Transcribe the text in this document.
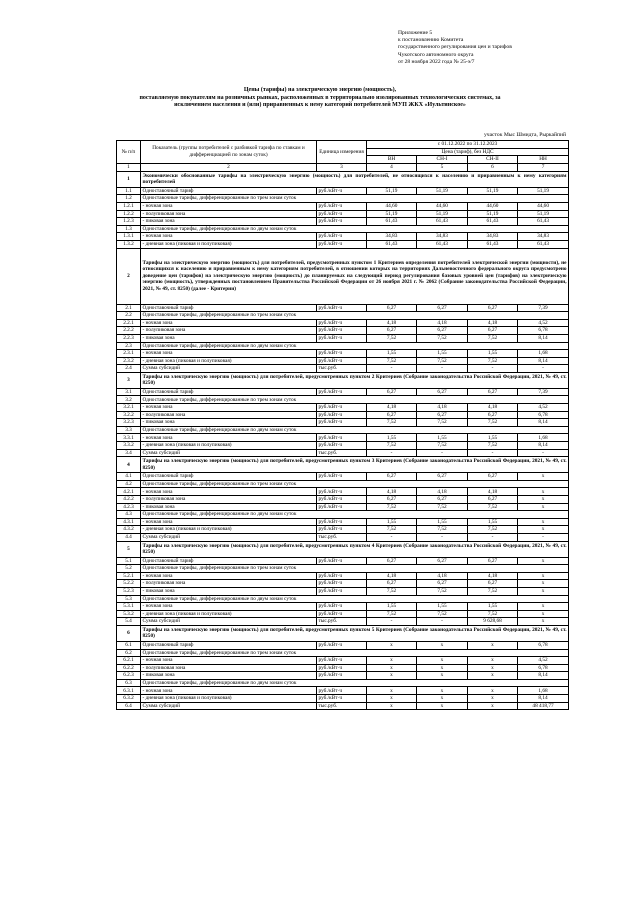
Приложение 5
к постановлению Комитета
государственного регулирования цен и тарифов
Чукотского автономного округа
от 28 ноября 2022 года № 25-э/7
Цены (тарифы) на электрическую энергию (мощность),
поставляемую покупателям на розничных рынках, расположенных в территориально изолированных технологических системах, за
исключением населения и (или) приравненных к нему категорий потребителей МУП ЖКХ «Иультинское»
участок Мыс Шмидта, Рыркайпий
№ п/п	Показатель (группы потребителей с разбивкой тарифа по ставкам и дифференциацией по зонам суток)	Единица измерения	с 01.12.2022 по 31.12.2023			
			Цена (тариф), без НДС			
			ВН	СН-I	СН-II	НН
1	2	3	4	5	6	7
1	Экономически обоснованные тарифы на электрическую энергию (мощность) для потребителей, не относящихся к населению и приравненным к нему категориям потребителей					
1.1	Одноставочный тариф	руб./кВт·ч	51,19	51,19	51,19	51,19
1.2	Одноставочные тарифы, дифференцированные по трем зонам суток					
1.2.1	- ночная зона	руб./кВт·ч	44,60	44,60	44,60	44,60
1.2.2	- полупиковая зона	руб./кВт·ч	51,19	51,19	51,19	51,19
1.2.3	- пиковая зона	руб./кВт·ч	61,43	61,43	61,43	61,43
1.3	Одноставочные тарифы, дифференцированные по двум зонам суток					
1.3.1	- ночная зона	руб./кВт·ч	34,83	34,83	34,83	34,83
1.3.2	- дневная зона (пиковая и полупиковая)	руб./кВт·ч	61,43	61,43	61,43	61,43
2	Тарифы на электрическую энергию (мощность) для потребителей, предусмотренных пунктом 1 Критериев определения потребителей электрической энергии (мощности), не относящихся к населению и приравненным к нему категориям потребителей, в отношении которых на территориях Дальневосточного федерального округа предусмотрено доведение цен (тарифов) на электрическую энергию (мощность) до планируемых на следующий период регулирования базовых уровней цен (тарифов) на электрическую энергию (мощность), утвержденных постановлением Правительства Российской Федерации от 26 ноября 2021 г. № 2062 (Собрание законодательства Российской Федерации, 2021, № 49, ст. 8250) (далее - Критерии)					
2.1	Одноставочный тариф	руб./кВт·ч	6,27	6,27	6,27	7,39
2.2	Одноставочные тарифы, дифференцированные по трем зонам суток					
2.2.1	- ночная зона	руб./кВт·ч	4,18	4,18	4,18	4,52
2.2.2	- полупиковая зона	руб./кВт·ч	6,27	6,27	6,27	6,78
2.2.3	- пиковая зона	руб./кВт·ч	7,52	7,52	7,52	8,14
2.3	Одноставочные тарифы, дифференцированные по двум зонам суток					
2.3.1	- ночная зона	руб./кВт·ч	1,55	1,55	1,55	1,68
2.3.2	- дневная зона (пиковая и полупиковая)	руб./кВт·ч	7,52	7,52	7,52	8,14
2.4	Сумма субсидий	тыс.руб.	-	-	-	-
3	Тарифы на электрическую энергию (мощность) для потребителей, предусмотренных пунктом 2 Критериев (Собрание законодательства Российской Федерации, 2021, № 49, ст. 8250)					
3.1	Одноставочный тариф	руб./кВт·ч	6,27	6,27	6,27	7,39
3.2	Одноставочные тарифы, дифференцированные по трем зонам суток					
3.2.1	- ночная зона	руб./кВт·ч	4,18	4,18	4,18	4,52
3.2.2	- полупиковая зона	руб./кВт·ч	6,27	6,27	6,27	6,78
3.2.3	- пиковая зона	руб./кВт·ч	7,52	7,52	7,52	8,14
3.3	Одноставочные тарифы, дифференцированные по двум зонам суток					
3.3.1	- ночная зона	руб./кВт·ч	1,55	1,55	1,55	1,68
3.3.2	- дневная зона (пиковая и полупиковая)	руб./кВт·ч	7,52	7,52	7,52	8,14
3.4	Сумма субсидий	тыс.руб.	-	-	-	-
4	Тарифы на электрическую энергию (мощность) для потребителей, предусмотренных пунктом 3 Критериев (Собрание законодательства Российской Федерации, 2021, № 49, ст. 8250)					
4.1	Одноставочный тариф	руб./кВт·ч	6,27	6,27	6,27	x
4.2	Одноставочные тарифы, дифференцированные по трем зонам суток					
4.2.1	- ночная зона	руб./кВт·ч	4,18	4,18	4,18	x
4.2.2	- полупиковая зона	руб./кВт·ч	6,27	6,27	6,27	x
4.2.3	- пиковая зона	руб./кВт·ч	7,52	7,52	7,52	x
4.3	Одноставочные тарифы, дифференцированные по двум зонам суток					
4.3.1	- ночная зона	руб./кВт·ч	1,55	1,55	1,55	x
4.3.2	- дневная зона (пиковая и полупиковая)	руб./кВт·ч	7,52	7,52	7,52	x
4.4	Сумма субсидий	тыс.руб.	-	-	-	-
5	Тарифы на электрическую энергию (мощность) для потребителей, предусмотренных пунктом 4 Критериев (Собрание законодательства Российской Федерации, 2021, № 49, ст. 8250)					
5.1	Одноставочный тариф	руб./кВт·ч	6,27	6,27	6,27	x
5.2	Одноставочные тарифы, дифференцированные по трем зонам суток					
5.2.1	- ночная зона	руб./кВт·ч	4,18	4,18	4,18	x
5.2.2	- полупиковая зона	руб./кВт·ч	6,27	6,27	6,27	x
5.2.3	- пиковая зона	руб./кВт·ч	7,52	7,52	7,52	x
5.3	Одноставочные тарифы, дифференцированные по двум зонам суток					
5.3.1	- ночная зона	руб./кВт·ч	1,55	1,55	1,55	x
5.3.2	- дневная зона (пиковая и полупиковая)	руб./кВт·ч	7,52	7,52	7,52	x
5.4	Сумма субсидий	тыс.руб.	-	-	9 628,68	x
6	Тарифы на электрическую энергию (мощность) для потребителей, предусмотренных пунктом 5 Критериев (Собрание законодательства Российской Федерации, 2021, № 49, ст. 8250)					
6.1	Одноставочный тариф	руб./кВт·ч	x	x	x	6,78
6.2	Одноставочные тарифы, дифференцированные по трем зонам суток					
6.2.1	- ночная зона	руб./кВт·ч	x	x	x	4,52
6.2.2	- полупиковая зона	руб./кВт·ч	x	x	x	6,78
6.2.3	- пиковая зона	руб./кВт·ч	x	x	x	8,14
6.3	Одноставочные тарифы, дифференцированные по двум зонам суток					
6.3.1	- ночная зона	руб./кВт·ч	x	x	x	1,68
6.3.2	- дневная зона (пиковая и полупиковая)	руб./кВт·ч	x	x	x	8,14
6.4	Сумма субсидий	тыс.руб.	x	x	x	48 418,77
